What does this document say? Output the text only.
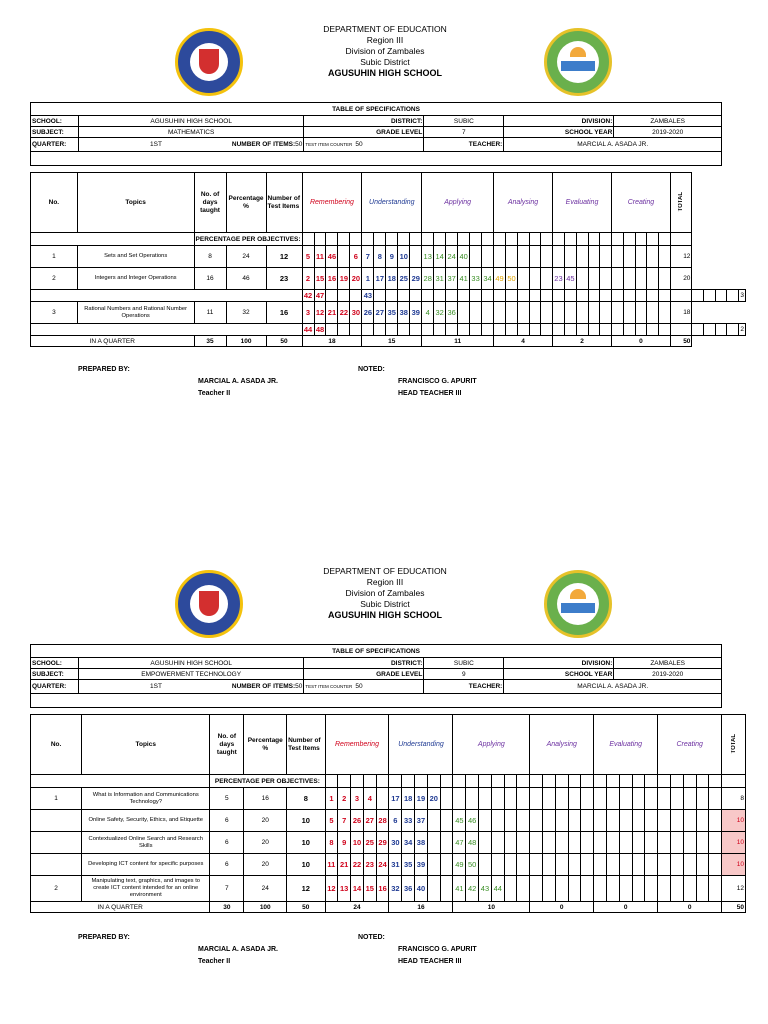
DEPARTMENT OF EDUCATION
Region III
Division of Zambales
Subic District
AGUSUHIN HIGH SCHOOL
TABLE OF SPECIFICATIONS					
SCHOOL:	AGUSUHIN HIGH SCHOOL	DISTRICT:	SUBIC	DIVISION:	ZAMBALES
SUBJECT:	MATHEMATICS	GRADE LEVEL	7	SCHOOL YEAR	2019-2020
QUARTER:	1ST NUMBER OF ITEMS:50	TEST ITEM COUNTER 50	TEACHER:	MARCIAL A. ASADA JR.	

No.	Topics	No. of days taught	Percentage %	Number of Test Items	Remembering					Understanding					Applying						Analysing					Evaluating					Creating					TOTAL					
		PERCENTAGE PER OBJECTIVES:																																							
1	Sets and Set Operations	8	24	12	5	11	46		6	7	8	9	10		13	14	24	40																		12					
2	Integers and Integer Operations	16	46	23	2	15	16	19	20	1	17	18	25	29	28	31	37	41	33	34	49	50				23	45									20					
					42	47				43																															3
3	Rational Numbers and Rational Number Operations	11	32	16	3	12	21	22	30	26	27	35	38	39	4	32	36																			18					
					44	48																																			2
IN A QUARTER		35	100	50	18					15					11						4					2					0					50					
PREPARED BY:	NOTED:
MARCIAL A. ASADA JR.
Teacher II
FRANCISCO G. APURIT
HEAD TEACHER III
DEPARTMENT OF EDUCATION
Region III
Division of Zambales
Subic District
AGUSUHIN HIGH SCHOOL
TABLE OF SPECIFICATIONS					
SCHOOL:	AGUSUHIN HIGH SCHOOL	DISTRICT:	SUBIC	DIVISION:	ZAMBALES
SUBJECT:	EMPOWERMENT TECHNOLOGY	GRADE LEVEL	9	SCHOOL YEAR	2019-2020
QUARTER:	1ST NUMBER OF ITEMS:50	TEST ITEM COUNTER 50	TEACHER:	MARCIAL A. ASADA JR.	

No.	Topics	No. of days taught	Percentage %	Number of Test Items	Remembering					Understanding					Applying						Analysing					Evaluating					Creating					TOTAL
		PERCENTAGE PER OBJECTIVES:																																		
1	What is Information and Communications Technology?	5	16	8	1	2	3	4		17	18	19	20																							8
	Online Safety, Security, Ethics, and Etiquette	6	20	10	5	7	26	27	28	6	33	37			45	46																				10
	Contextualized Online Search and Research Skills	6	20	10	8	9	10	25	29	30	34	38			47	48																				10
	Developing ICT content for specific purposes	6	20	10	11	21	22	23	24	31	35	39			49	50																				10
2	Manipulating text, graphics, and images to create ICT content intended for an online environment	7	24	12	12	13	14	15	16	32	36	40			41	42	43	44																		12
IN A QUARTER		30	100	50	24					16					10						0					0					0					50
PREPARED BY:	NOTED:
MARCIAL A. ASADA JR.
Teacher II
FRANCISCO G. APURIT
HEAD TEACHER III
